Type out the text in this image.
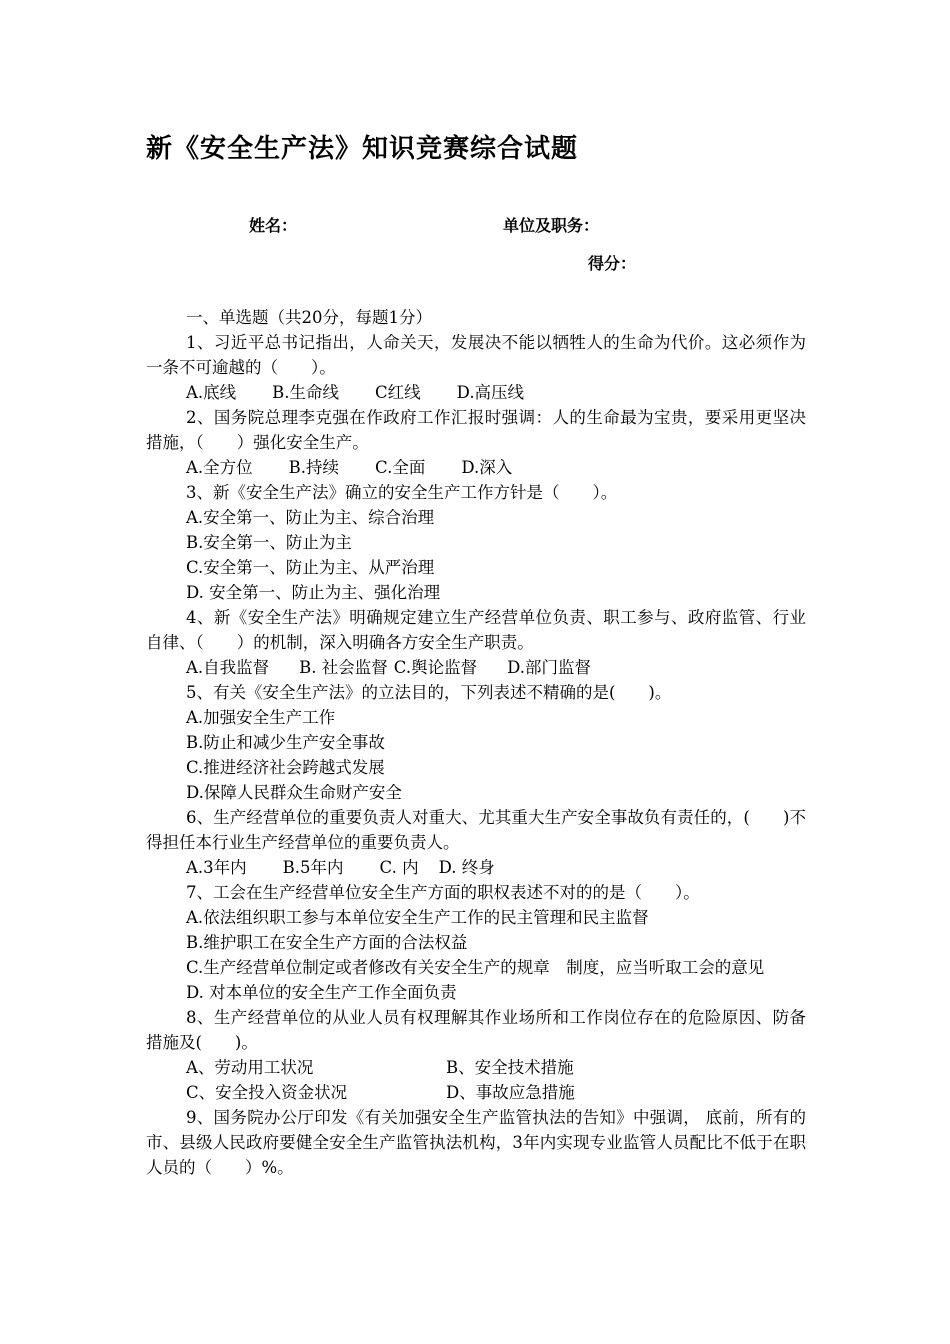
新《安全生产法》知识竞赛综合试题
姓名：	单位及职务：
得分：

一、单选题（共20分，每题1分）

1、习近平总书记指出，人命关天，发展决不能以牺牲人的生命为代价。这必须作为一条不可逾越的（　　）。

A.底线 B.生命线 C红线 D.高压线

2、国务院总理李克强在作政府工作汇报时强调：人的生命最为宝贵，要采用更坚决措施，（　　）强化安全生产。

A.全方位 B.持续 C.全面 D.深入

3、新《安全生产法》确立的安全生产工作方针是（　　）。

A.安全第一、防止为主、综合治理

B.安全第一、防止为主

C.安全第一、防止为主、从严治理

D. 安全第一、防止为主、强化治理

4、新《安全生产法》明确规定建立生产经营单位负责、职工参与、政府监管、行业自律、（　　）的机制，深入明确各方安全生产职责。

A.自我监督 B. 社会监督 C.舆论监督 D.部门监督

5、有关《安全生产法》的立法目的，下列表述不精确的是(　　)。

A.加强安全生产工作

B.防止和减少生产安全事故

C.推进经济社会跨越式发展

D.保障人民群众生命财产安全

6、生产经营单位的重要负责人对重大、尤其重大生产安全事故负有责任的，(　　)不得担任本行业生产经营单位的重要负责人。

A.3年内 B.5年内 C. 内 D. 终身

7、工会在生产经营单位安全生产方面的职权表述不对的的是（　　）。

A.依法组织职工参与本单位安全生产工作的民主管理和民主监督

B.维护职工在安全生产方面的合法权益

C.生产经营单位制定或者修改有关安全生产的规章　制度，应当听取工会的意见

D. 对本单位的安全生产工作全面负责

8、生产经营单位的从业人员有权理解其作业场所和工作岗位存在的危险原因、防备措施及(　　)。

A、劳动用工状况	B、安全技术措施
C、安全投入资金状况	D、事故应急措施

9、国务院办公厅印发《有关加强安全生产监管执法的告知》中强调， 底前，所有的市、县级人民政府要健全安全生产监管执法机构，3年内实现专业监管人员配比不低于在职人员的（　　）%。
